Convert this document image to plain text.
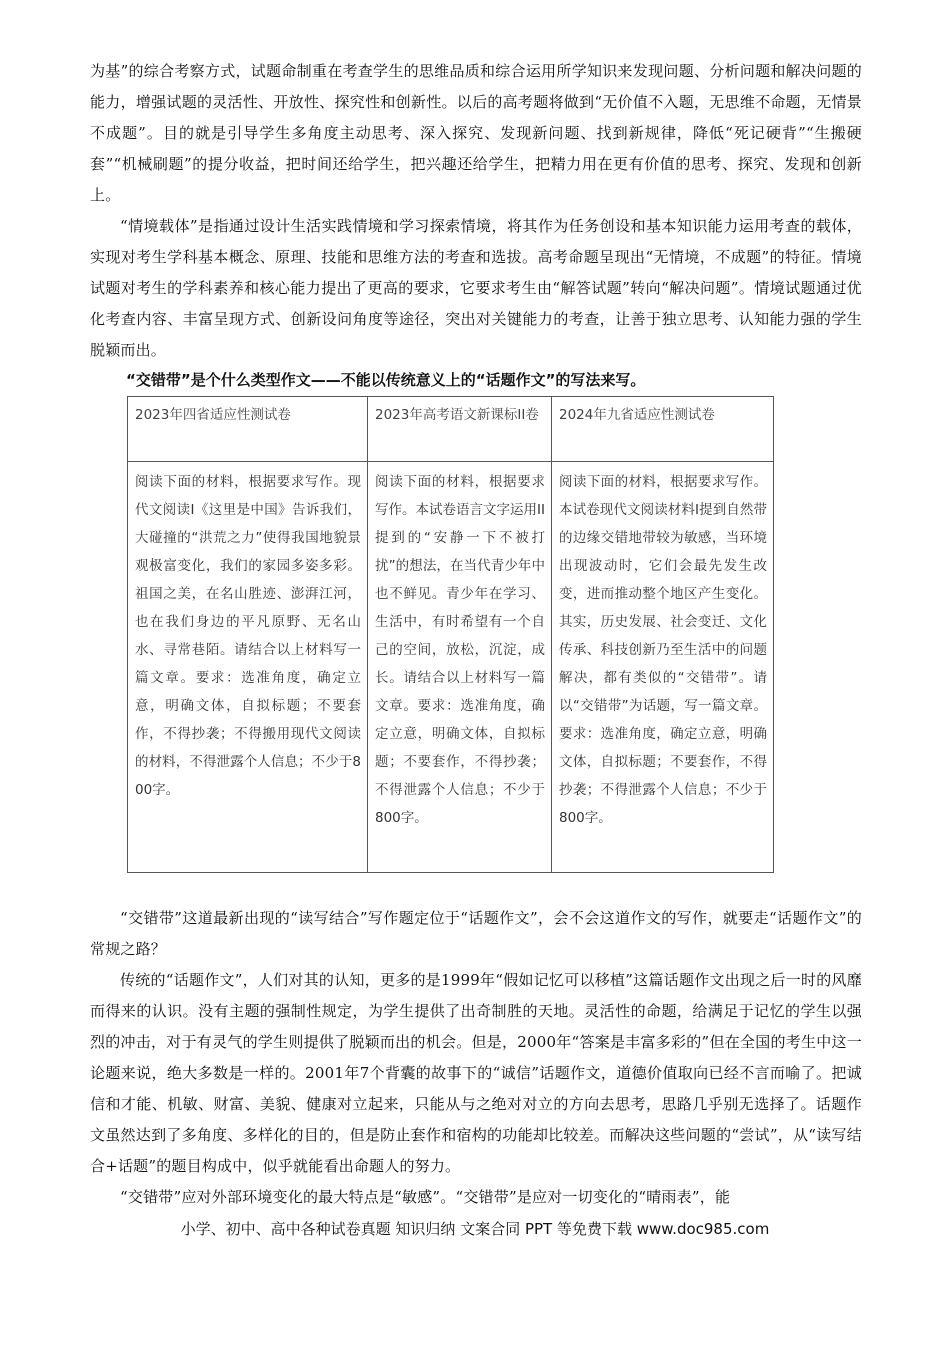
为基”的综合考察方式，试题命制重在考查学生的思维品质和综合运用所学知识来发现问题、分析问题和解决问题的能力，增强试题的灵活性、开放性、探究性和创新性。以后的高考题将做到“无价值不入题，无思维不命题，无情景不成题”。目的就是引导学生多角度主动思考、深入探究、发现新问题、找到新规律，降低“死记硬背”“生搬硬套”“机械刷题”的提分收益，把时间还给学生，把兴趣还给学生，把精力用在更有价值的思考、探究、发现和创新上。

“情境载体”是指通过设计生活实践情境和学习探索情境，将其作为任务创设和基本知识能力运用考查的载体，实现对考生学科基本概念、原理、技能和思维方法的考查和选拔。高考命题呈现出“无情境，不成题”的特征。情境试题对考生的学科素养和核心能力提出了更高的要求，它要求考生由“解答试题”转向“解决问题”。情境试题通过优化考查内容、丰富呈现方式、创新设问角度等途径，突出对关键能力的考查，让善于独立思考、认知能力强的学生脱颖而出。

“交错带”是个什么类型作文——不能以传统意义上的“话题作文”的写法来写。

2023年四省适应性测试卷	2023年高考语文新课标II卷	2024年九省适应性测试卷
阅读下面的材料，根据要求写作。现代文阅读I《这里是中国》告诉我们，大碰撞的“洪荒之力”使得我国地貌景观极富变化，我们的家园多姿多彩。祖国之美，在名山胜迹、澎湃江河，也在我们身边的平凡原野、无名山水、寻常巷陌。请结合以上材料写一篇文章。要求：选准角度，确定立意，明确文体，自拟标题；不要套作，不得抄袭；不得搬用现代文阅读的材料，不得泄露个人信息；不少于800字。	阅读下面的材料，根据要求写作。本试卷语言文字运用II提到的“安静一下不被打扰”的想法，在当代青少年中也不鲜见。青少年在学习、生活中，有时希望有一个自己的空间，放松，沉淀，成长。请结合以上材料写一篇文章。要求：选准角度，确定立意，明确文体，自拟标题；不要套作，不得抄袭；不得泄露个人信息；不少于800字。	阅读下面的材料，根据要求写作。本试卷现代文阅读材料I提到自然带的边缘交错地带较为敏感，当环境出现波动时，它们会最先发生改变，进而推动整个地区产生变化。其实，历史发展、社会变迁、文化传承、科技创新乃至生活中的问题解决，都有类似的“交错带”。请以“交错带”为话题，写一篇文章。要求：选准角度，确定立意，明确文体，自拟标题；不要套作，不得抄袭；不得泄露个人信息；不少于800字。

“交错带”这道最新出现的“读写结合”写作题定位于“话题作文”，会不会这道作文的写作，就要走“话题作文”的常规之路？

传统的“话题作文”，人们对其的认知，更多的是1999年“假如记忆可以移植”这篇话题作文出现之后一时的风靡而得来的认识。没有主题的强制性规定，为学生提供了出奇制胜的天地。灵活性的命题，给满足于记忆的学生以强烈的冲击，对于有灵气的学生则提供了脱颖而出的机会。但是，2000年“答案是丰富多彩的”但在全国的考生中这一论题来说，绝大多数是一样的。2001年7个背囊的故事下的“诚信”话题作文，道德价值取向已经不言而喻了。把诚信和才能、机敏、财富、美貌、健康对立起来，只能从与之绝对对立的方向去思考，思路几乎别无选择了。话题作文虽然达到了多角度、多样化的目的，但是防止套作和宿构的功能却比较差。而解决这些问题的“尝试”，从“读写结合+话题”的题目构成中，似乎就能看出命题人的努力。

“交错带”应对外部环境变化的最大特点是“敏感”。“交错带”是应对一切变化的“晴雨表”，能

小学、初中、高中各种试卷真题 知识归纳 文案合同 PPT 等免费下载 www.doc985.com
